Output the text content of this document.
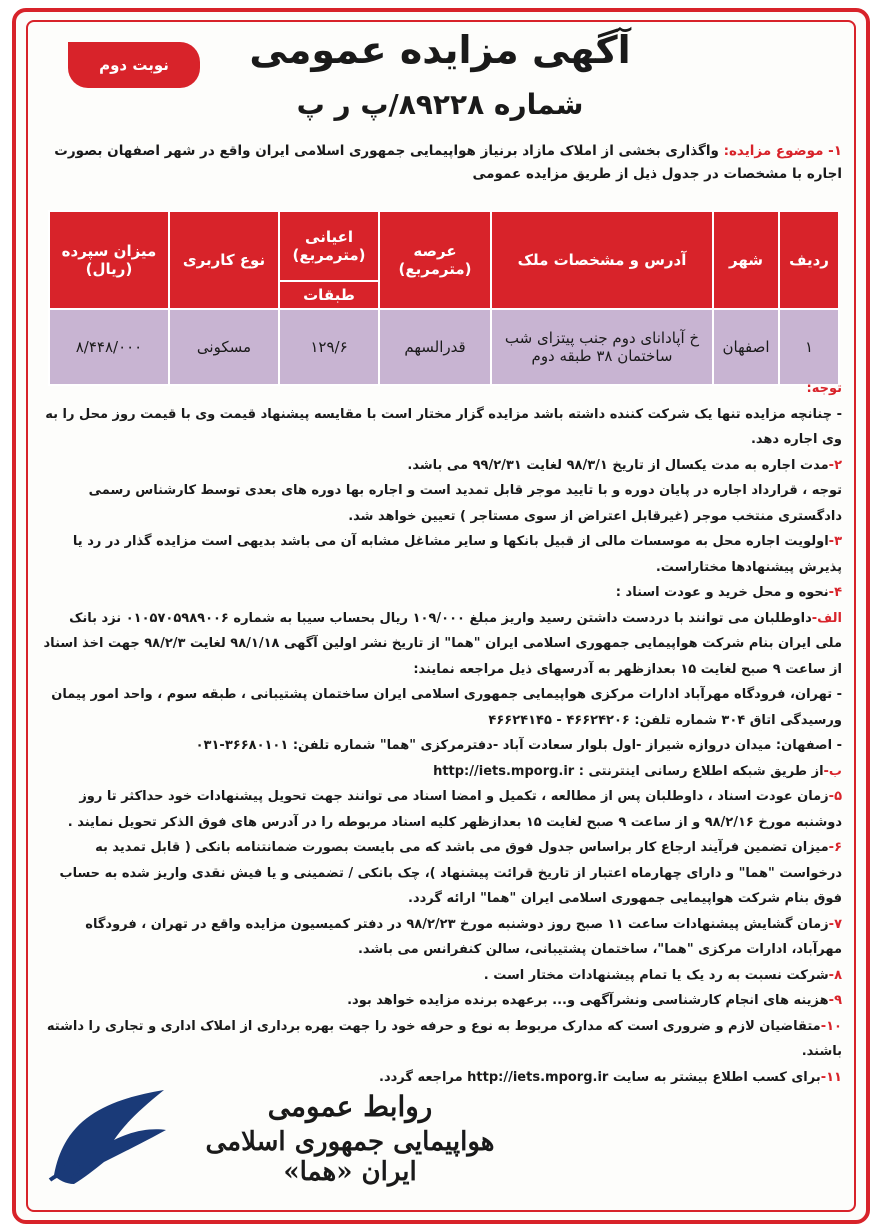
نوبت دوم	آگهی مزایده عمومی
شماره ۸۹۲۲۸/پ ر پ
۱- موضوع مزایده: واگذاری بخشی از املاک مازاد برنیاز هواپیمایی جمهوری اسلامی ایران واقع در شهر اصفهان بصورت اجاره با مشخصات در جدول ذیل از طریق مزایده عمومی
ردیف	شهر	آدرس و مشخصات ملک	عرصه (مترمربع)	اعیانی (مترمربع)	نوع کاربری	میزان سپرده (ریال)
				طبقات		
۱	اصفهان	خ آپادانای دوم جنب پیتزای شب ساختمان ۳۸ طبقه دوم	قدرالسهم	۱۲۹/۶	مسکونی	۸/۴۴۸/۰۰۰

توجه:

- چنانچه مزایده تنها یک شرکت کننده داشته باشد مزایده گزار مختار است با مقایسه پیشنهاد قیمت وی با قیمت روز محل را به وی اجاره دهد.

۲-مدت اجاره به مدت یکسال از تاریخ ۹۸/۳/۱ لغایت ۹۹/۲/۳۱ می باشد.

توجه ، قرارداد اجاره در پایان دوره و با تایید موجر قابل تمدید است و اجاره بها دوره های بعدی توسط کارشناس رسمی دادگستری منتخب موجر (غیرقابل اعتراض از سوی مستاجر ) تعیین خواهد شد.

۳-اولویت اجاره محل به موسسات مالی از قبیل بانکها و سایر مشاغل مشابه آن می باشد بدیهی است مزایده گذار در رد یا پذیرش پیشنهادها مختاراست.

۴-نحوه و محل خرید و عودت اسناد :

الف-داوطلبان می توانند با دردست داشتن رسید واریز مبلغ ۱۰۹/۰۰۰ ریال بحساب سیبا به شماره ۰۱۰۵۷۰۵۹۸۹۰۰۶ نزد بانک ملی ایران بنام شرکت هواپیمایی جمهوری اسلامی ایران "هما" از تاریخ نشر اولین آگهی ۹۸/۱/۱۸ لغایت ۹۸/۲/۳ جهت اخذ اسناد از ساعت ۹ صبح لغایت ۱۵ بعدازظهر به آدرسهای ذیل مراجعه نمایند:

- تهران، فرودگاه مهرآباد ادارات مرکزی هواپیمایی جمهوری اسلامی ایران ساختمان پشتیبانی ، طبقه سوم ، واحد امور پیمان ورسیدگی اتاق ۳۰۴ شماره تلفن: ۴۶۶۲۴۲۰۶ - ۴۶۶۲۴۱۴۵

- اصفهان: میدان دروازه شیراز -اول بلوار سعادت آباد -دفترمرکزی "هما" شماره تلفن: ۳۶۶۸۰۱۰۱-۰۳۱

ب-از طریق شبکه اطلاع رسانی اینترنتی : http://iets.mporg.ir

۵-زمان عودت اسناد ، داوطلبان پس از مطالعه ، تکمیل و امضا اسناد می توانند جهت تحویل پیشنهادات خود حداکثر تا روز دوشنبه مورخ ۹۸/۲/۱۶ و از ساعت ۹ صبح لغایت ۱۵ بعدازظهر کلیه اسناد مربوطه را در آدرس های فوق الذکر تحویل نمایند .

۶-میزان تضمین فرآیند ارجاع کار براساس جدول فوق می باشد که می بایست بصورت ضمانتنامه بانکی ( قابل تمدید به درخواست "هما" و دارای چهارماه اعتبار از تاریخ قرائت پیشنهاد )، چک بانکی / تضمینی و یا فیش نقدی واریز شده به حساب فوق بنام شرکت هواپیمایی جمهوری اسلامی ایران "هما" ارائه گردد.

۷-زمان گشایش پیشنهادات ساعت ۱۱ صبح روز دوشنبه مورخ ۹۸/۲/۲۳ در دفتر کمیسیون مزایده واقع در تهران ، فرودگاه مهرآباد، ادارات مرکزی "هما"، ساختمان پشتیبانی، سالن کنفرانس می باشد.

۸-شرکت نسبت به رد یک یا تمام پیشنهادات مختار است .

۹-هزینه های انجام کارشناسی ونشرآگهی و... برعهده برنده مزایده خواهد بود.

۱۰-متقاضیان لازم و ضروری است که مدارک مربوط به نوع و حرفه خود را جهت بهره برداری از املاک اداری و تجاری را داشته باشند.

۱۱-برای کسب اطلاع بیشتر به سایت http://iets.mporg.ir مراجعه گردد.

روابط عمومی
هواپیمایی جمهوری اسلامی ایران «هما»
